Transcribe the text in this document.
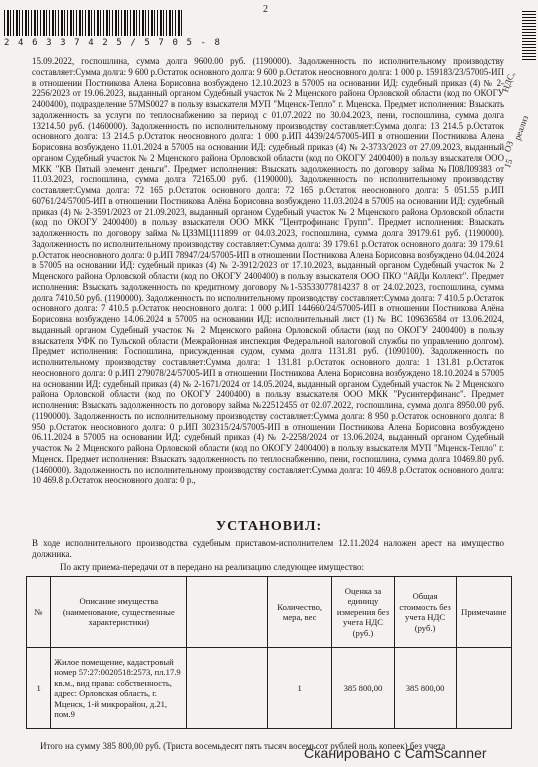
2
2 4 6 3 3 7 4 2 5 / 5 7 0 5 - 8
НДС,
реализ
ОЗ
15

15.09.2022, госпошлина, сумма долга 9600.00 руб. (1190000). Задолженность по исполнительному производству составляет:Сумма долга: 9 600 р.Остаток основного долга: 9 600 р.Остаток неосновного долга: 1 000 р. 159183/23/57005-ИП в отношении Постникова Алена Борисовна возбуждено 12.10.2023 в 57005 на основании ИД: судебный приказ (4) № 2-2256/2023 от 19.06.2023, выданный органом Судебный участок № 2 Мценского района Орловской области (код по ОКОГУ 2400400), подразделение 57МS0027 в пользу взыскателя МУП "Мценск-Тепло" г. Мценска. Предмет исполнения: Взыскать задолженность за услуги по теплоснабжению за период с 01.07.2022 по 30.04.2023, пени, госпошлина, сумма долга 13214.50 руб. (1460000). Задолженность по исполнительному производству составляет:Сумма долга: 13 214.5 р.Остаток основного долга: 13 214.5 р.Остаток неосновного долга: 1 000 р.ИП 4439/24/57005-ИП в отношении Постникова Алена Борисовна возбуждено 11.01.2024 в 57005 на основании ИД: судебный приказ (4) № 2-3733/2023 от 27.09.2023, выданный органом Судебный участок № 2 Мценского района Орловской области (код по ОКОГУ 2400400) в пользу взыскателя ООО МКК "КВ Пятый элемент деньги". Предмет исполнения: Взыскать задолженность по договору займа №П08Л09383 от 11.03.2023, госпошлина, сумма долга 72165.00 руб. (1190000). Задолженность по исполнительному производству составляет:Сумма долга: 72 165 р.Остаток основного долга: 72 165 р.Остаток неосновного долга: 5 051.55 р.ИП 60761/24/57005-ИП в отношении Постникова Алёна Борисовна возбуждено 11.03.2024 в 57005 на основании ИД: судебный приказ (4) № 2-3591/2023 от 21.09.2023, выданный органом Судебный участок № 2 Мценского района Орловской области (код по ОКОГУ 2400400) в пользу взыскателя ООО МКК "Центрофинанс Групп". Предмет исполнения: Взыскать задолженность по договору займа №ЦЗЗМЦ111899 от 04.03.2023, госпошлина, сумма долга 39179.61 руб. (1190000). Задолженность по исполнительному производству составляет:Сумма долга: 39 179.61 р.Остаток основного долга: 39 179.61 р.Остаток неосновного долга: 0 р.ИП 78947/24/57005-ИП в отношении Постникова Алена Борисовна возбуждено 04.04.2024 в 57005 на основании ИД: судебный приказ (4) № 2-3912/2023 от 17.10.2023, выданный органом Судебный участок № 2 Мценского района Орловской области (код по ОКОГУ 2400400) в пользу взыскателя ООО ПКО "АйДи Коллект". Предмет исполнения: Взыскать задолженность по кредитному договору №1-53533077814237 8 от 24.02.2023, госпошлина, сумма долга 7410.50 руб. (1190000). Задолженность по исполнительному производству составляет:Сумма долга: 7 410.5 р.Остаток основного долга: 7 410.5 р.Остаток неосновного долга: 1 000 р.ИП 144660/24/57005-ИП в отношении Постникова Алёна Борисовна возбуждено 14.06.2024 в 57005 на основании ИД: исполнительный лист (1) № ВС 109636584 от 13.06.2024, выданный органом Судебный участок № 2 Мценского района Орловской области (код по ОКОГУ 2400400) в пользу взыскателя УФК по Тульской области (Межрайонная инспекция Федеральной налоговой службы по управлению долгом). Предмет исполнения: Госпошлина, присужденная судом, сумма долга 1131.81 руб. (1090100). Задолженность по исполнительному производству составляет:Сумма долга: 1 131.81 р.Остаток основного долга: 1 131.81 р.Остаток неосновного долга: 0 р.ИП 279078/24/57005-ИП в отношении Постникова Алена Борисовна возбуждено 18.10.2024 в 57005 на основании ИД: судебный приказ (4) № 2-1671/2024 от 14.05.2024, выданный органом Судебный участок № 2 Мценского района Орловской области (код по ОКОГУ 2400400) в пользу взыскателя ООО МКК "Русинтерфинанс". Предмет исполнения: Взыскать задолженность по договору займа №22512455 от 02.07.2022, госпошлина, сумма долга 8950.00 руб. (1190000). Задолженность по исполнительному производству составляет:Сумма долга: 8 950 р.Остаток основного долга: 8 950 р.Остаток неосновного долга: 0 р.ИП 302315/24/57005-ИП в отношении Постникова Алена Борисовна возбуждено 06.11.2024 в 57005 на основании ИД: судебный приказ (4) № 2-2258/2024 от 13.06.2024, выданный органом Судебный участок № 2 Мценского района Орловской области (код по ОКОГУ 2400400) в пользу взыскателя МУП "Мценск-Тепло" г. Мценск. Предмет исполнения: Взыскать задолженность по теплоснабжению, пени, госпошлина, сумма долга 10469.80 руб. (1460000). Задолженность по исполнительному производству составляет:Сумма долга: 10 469.8 р.Остаток основного долга: 10 469.8 р.Остаток неосновного долга: 0 р.,

УСТАНОВИЛ:
В ходе исполнительного производства судебным приставом-исполнителем 12.11.2024 наложен арест на имущество должника.
По акту приема-передачи от в передано на реализацию следующее имущество:
№	Описание имущества (наименование, существенные характеристики)		Количество, мера, вес	Оценка за единицу измерения без учета НДС (руб.)	Общая стоимость без учета НДС (руб.)	Примечание
1	Жилое помещение, кадастровый номер 57:27:0020518:2573, пл.17.9 кв.м., вид права: собственность, адрес: Орловская область, г. Мценск, 1-й микрорайон, д.21, пом.9		1	385 800,00	385 800,00	
Итого на сумму 385 800,00 руб. (Триста восемьдесят пять тысяч восемьсот рублей ноль копеек) без учета
Сканировано с CamScanner
